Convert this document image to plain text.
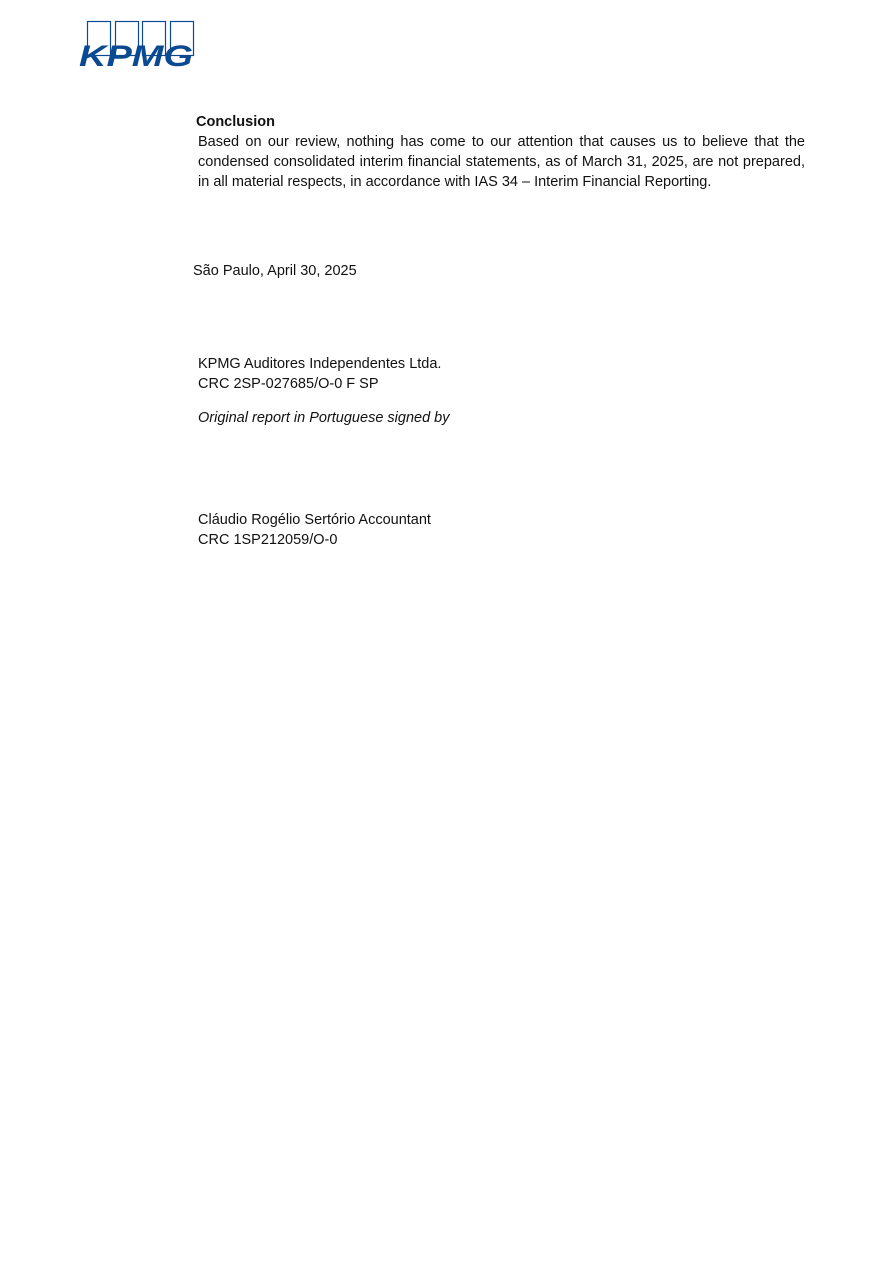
KPMG

Conclusion

Based on our review, nothing has come to our attention that causes us to believe that the condensed consolidated interim financial statements, as of March 31, 2025, are not prepared, in all material respects, in accordance with IAS 34 – Interim Financial Reporting.

São Paulo, April 30, 2025

KPMG Auditores Independentes Ltda.

CRC 2SP-027685/O-0 F SP

Original report in Portuguese signed by

Cláudio Rogélio Sertório Accountant

CRC 1SP212059/O-0
